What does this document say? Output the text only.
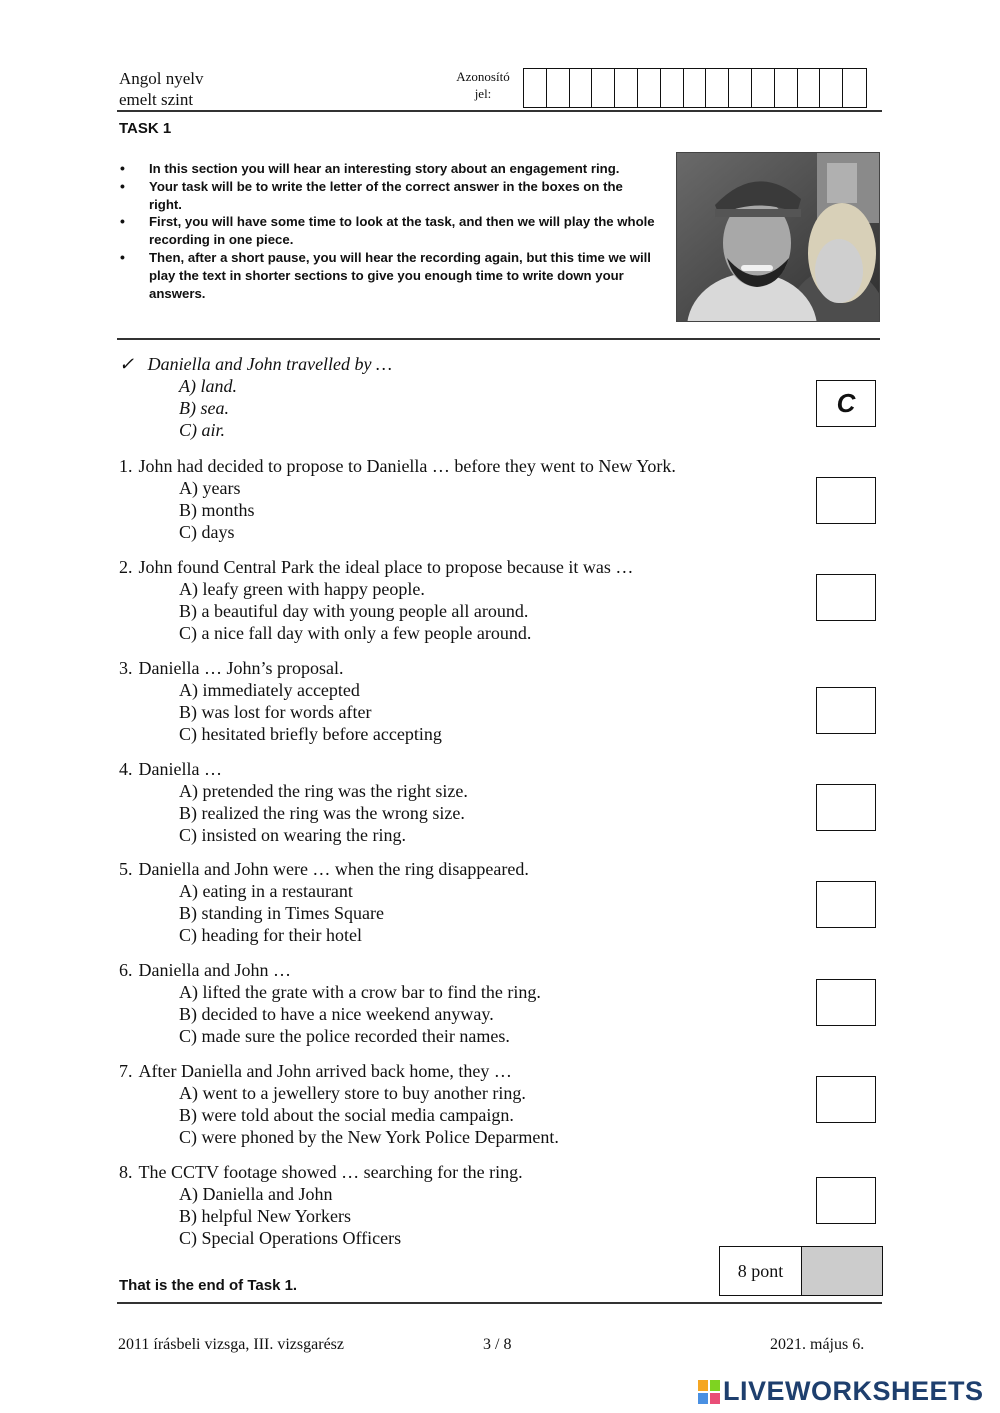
Angol nyelv
emelt szint
Azonosító
jel:
TASK 1
• In this section you will hear an interesting story about an engagement ring.
• Your task will be to write the letter of the correct answer in the boxes on the right.
• First, you will have some time to look at the task, and then we will play the whole recording in one piece.
• Then, after a short pause, you will hear the recording again, but this time we will play the text in shorter sections to give you enough time to write down your answers.
✓ Daniella and John travelled by …
A) land.
B) sea.
C) air.
C
1. John had decided to propose to Daniella … before they went to New York.
A) years
B) months
C) days
2. John found Central Park the ideal place to propose because it was …
A) leafy green with happy people.
B) a beautiful day with young people all around.
C) a nice fall day with only a few people around.
3. Daniella … John’s proposal.
A) immediately accepted
B) was lost for words after
C) hesitated briefly before accepting
4. Daniella …
A) pretended the ring was the right size.
B) realized the ring was the wrong size.
C) insisted on wearing the ring.
5. Daniella and John were … when the ring disappeared.
A) eating in a restaurant
B) standing in Times Square
C) heading for their hotel
6. Daniella and John …
A) lifted the grate with a crow bar to find the ring.
B) decided to have a nice weekend anyway.
C) made sure the police recorded their names.
7. After Daniella and John arrived back home, they …
A) went to a jewellery store to buy another ring.
B) were told about the social media campaign.
C) were phoned by the New York Police Deparment.
8. The CCTV footage showed … searching for the ring.
A) Daniella and John
B) helpful New Yorkers
C) Special Operations Officers
8 pont
That is the end of Task 1.
2011 írásbeli vizsga, III. vizsgarész	3 / 8	2021. május 6.
LIVEWORKSHEETS
